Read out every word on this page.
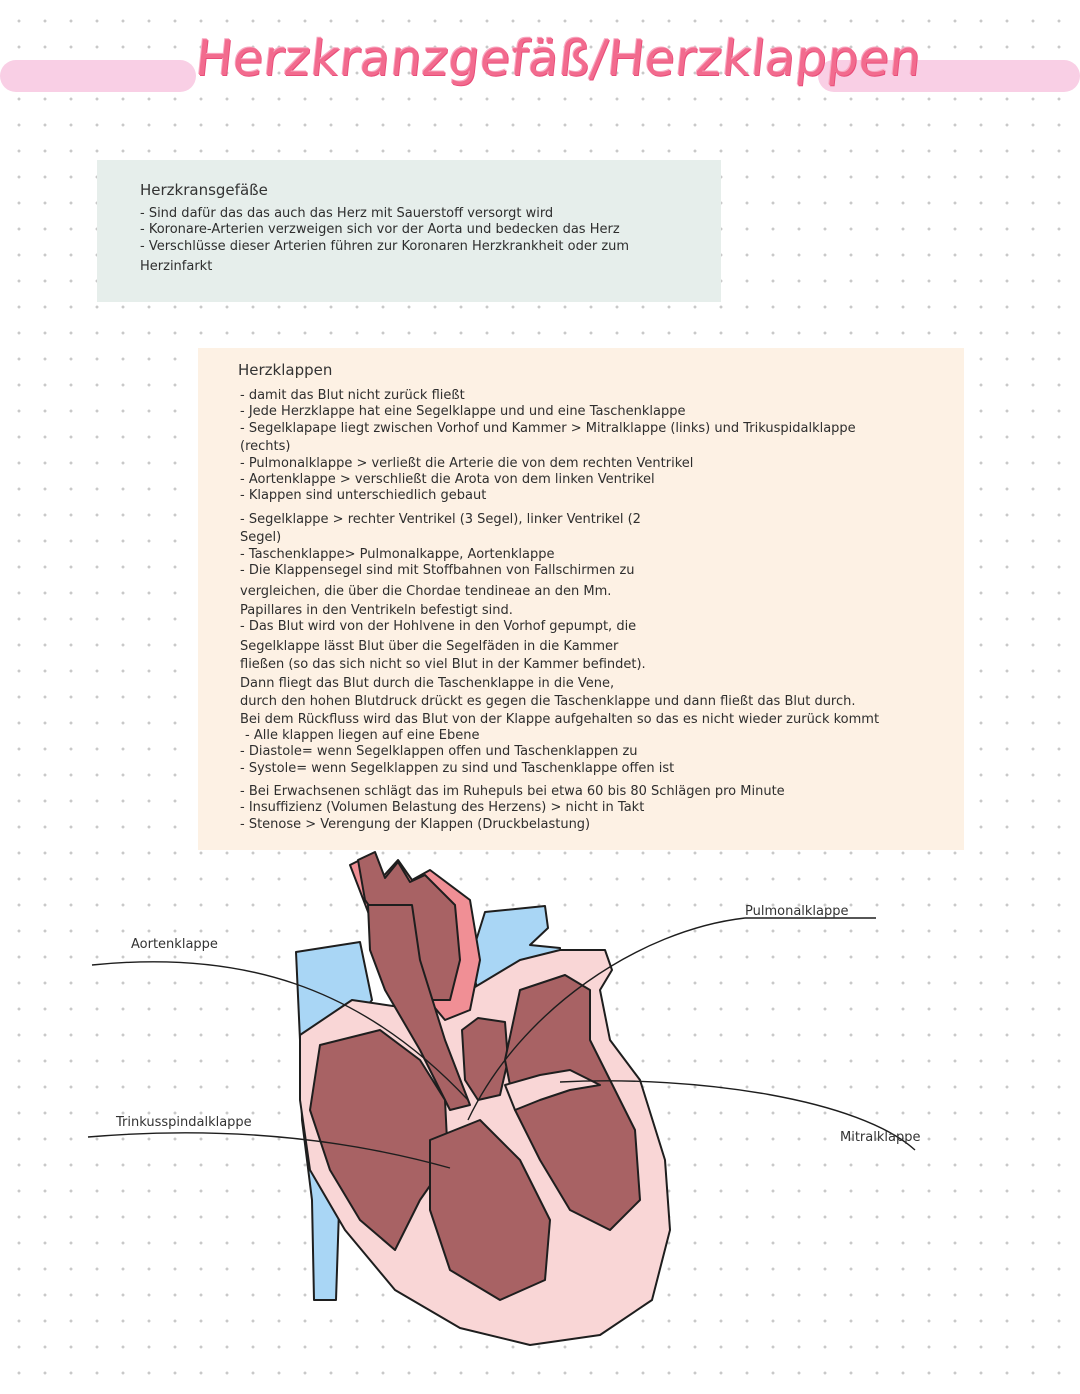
Herzkranzgefäß/Herzklappen
Herzkransgefäße
- Sind dafür das das auch das Herz mit Sauerstoff versorgt wird
- Koronare-Arterien verzweigen sich vor der Aorta und bedecken das Herz
- Verschlüsse dieser Arterien führen zur Koronaren Herzkrankheit oder zum
Herzinfarkt
Herzklappen
- damit das Blut nicht zurück fließt
- Jede Herzklappe hat eine Segelklappe und und eine Taschenklappe
- Segelklapape liegt zwischen Vorhof und Kammer > Mitralklappe (links) und Trikuspidalklappe
(rechts)
- Pulmonalklappe > verließt die Arterie die von dem rechten Ventrikel
- Aortenklappe > verschließt die Arota von dem linken Ventrikel
- Klappen sind unterschiedlich gebaut
- Segelklappe > rechter Ventrikel (3 Segel), linker Ventrikel (2
Segel)
- Taschenklappe> Pulmonalkappe, Aortenklappe
- Die Klappensegel sind mit Stoffbahnen von Fallschirmen zu
vergleichen, die über die Chordae tendineae an den Mm.
Papillares in den Ventrikeln befestigt sind.
- Das Blut wird von der Hohlvene in den Vorhof gepumpt, die
Segelklappe lässt Blut über die Segelfäden in die Kammer
fließen (so das sich nicht so viel Blut in der Kammer befindet).
Dann fliegt das Blut durch die Taschenklappe in die Vene,
durch den hohen Blutdruck drückt es gegen die Taschenklappe und dann fließt das Blut durch.
Bei dem Rückfluss wird das Blut von der Klappe aufgehalten so das es nicht wieder zurück kommt
- Alle klappen liegen auf eine Ebene
- Diastole= wenn Segelklappen offen und Taschenklappen zu
- Systole= wenn Segelklappen zu sind und Taschenklappe offen ist
- Bei Erwachsenen schlägt das im Ruhepuls bei etwa 60 bis 80 Schlägen pro Minute
- Insuffizienz (Volumen Belastung des Herzens) > nicht in Takt
- Stenose > Verengung der Klappen (Druckbelastung)
Aortenklappe
Pulmonalklappe
Trinkusspindalklappe
Mitralklappe
